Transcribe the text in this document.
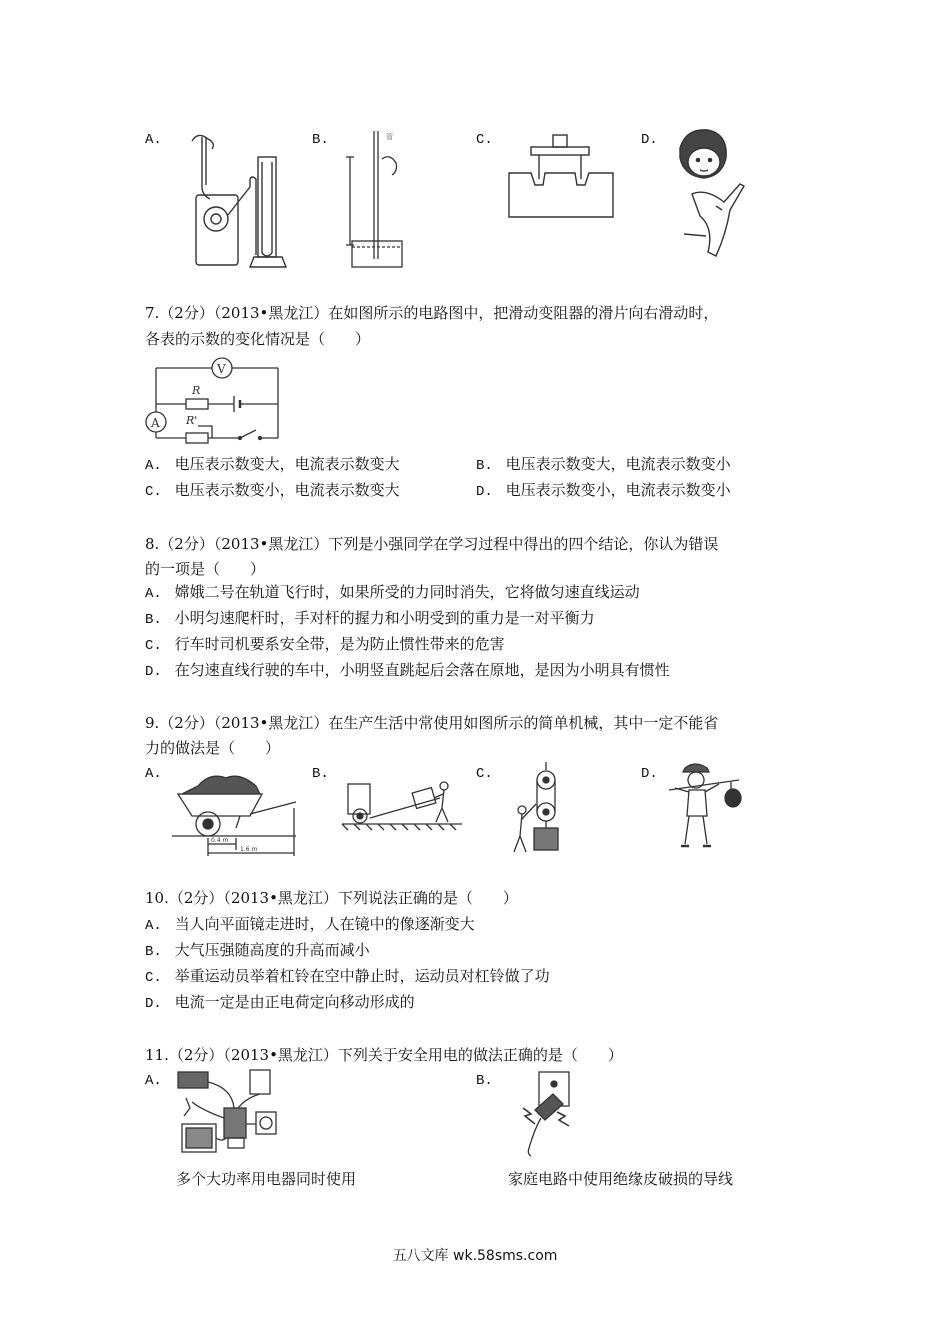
A.	B.	C.	D.
管
7.（2分）（2013•黑龙江）在如图所示的电路图中，把滑动变阻器的滑片向右滑动时，
各表的示数的变化情况是（　　）
V
R
A R'
A. 电压表示数变大，电流表示数变大	B. 电压表示数变大，电流表示数变小
C. 电压表示数变小，电流表示数变大	D. 电压表示数变小，电流表示数变小
8.（2分）（2013•黑龙江）下列是小强同学在学习过程中得出的四个结论，你认为错误
的一项是（　　）
A. 嫦娥二号在轨道飞行时，如果所受的力同时消失，它将做匀速直线运动
B. 小明匀速爬杆时，手对杆的握力和小明受到的重力是一对平衡力
C. 行车时司机要系安全带，是为防止惯性带来的危害
D. 在匀速直线行驶的车中，小明竖直跳起后会落在原地，是因为小明具有惯性
9.（2分）（2013•黑龙江）在生产生活中常使用如图所示的简单机械，其中一定不能省
力的做法是（　　）
A.	B.	C.	D.
0.4 m
1.6 m
10.（2分）（2013•黑龙江）下列说法正确的是（　　）
A. 当人向平面镜走进时，人在镜中的像逐渐变大
B. 大气压强随高度的升高而减小
C. 举重运动员举着杠铃在空中静止时，运动员对杠铃做了功
D. 电流一定是由正电荷定向移动形成的
11.（2分）（2013•黑龙江）下列关于安全用电的做法正确的是（　　）
A.	B.
多个大功率用电器同时使用	家庭电路中使用绝缘皮破损的导线
五八文库 wk.58sms.com
